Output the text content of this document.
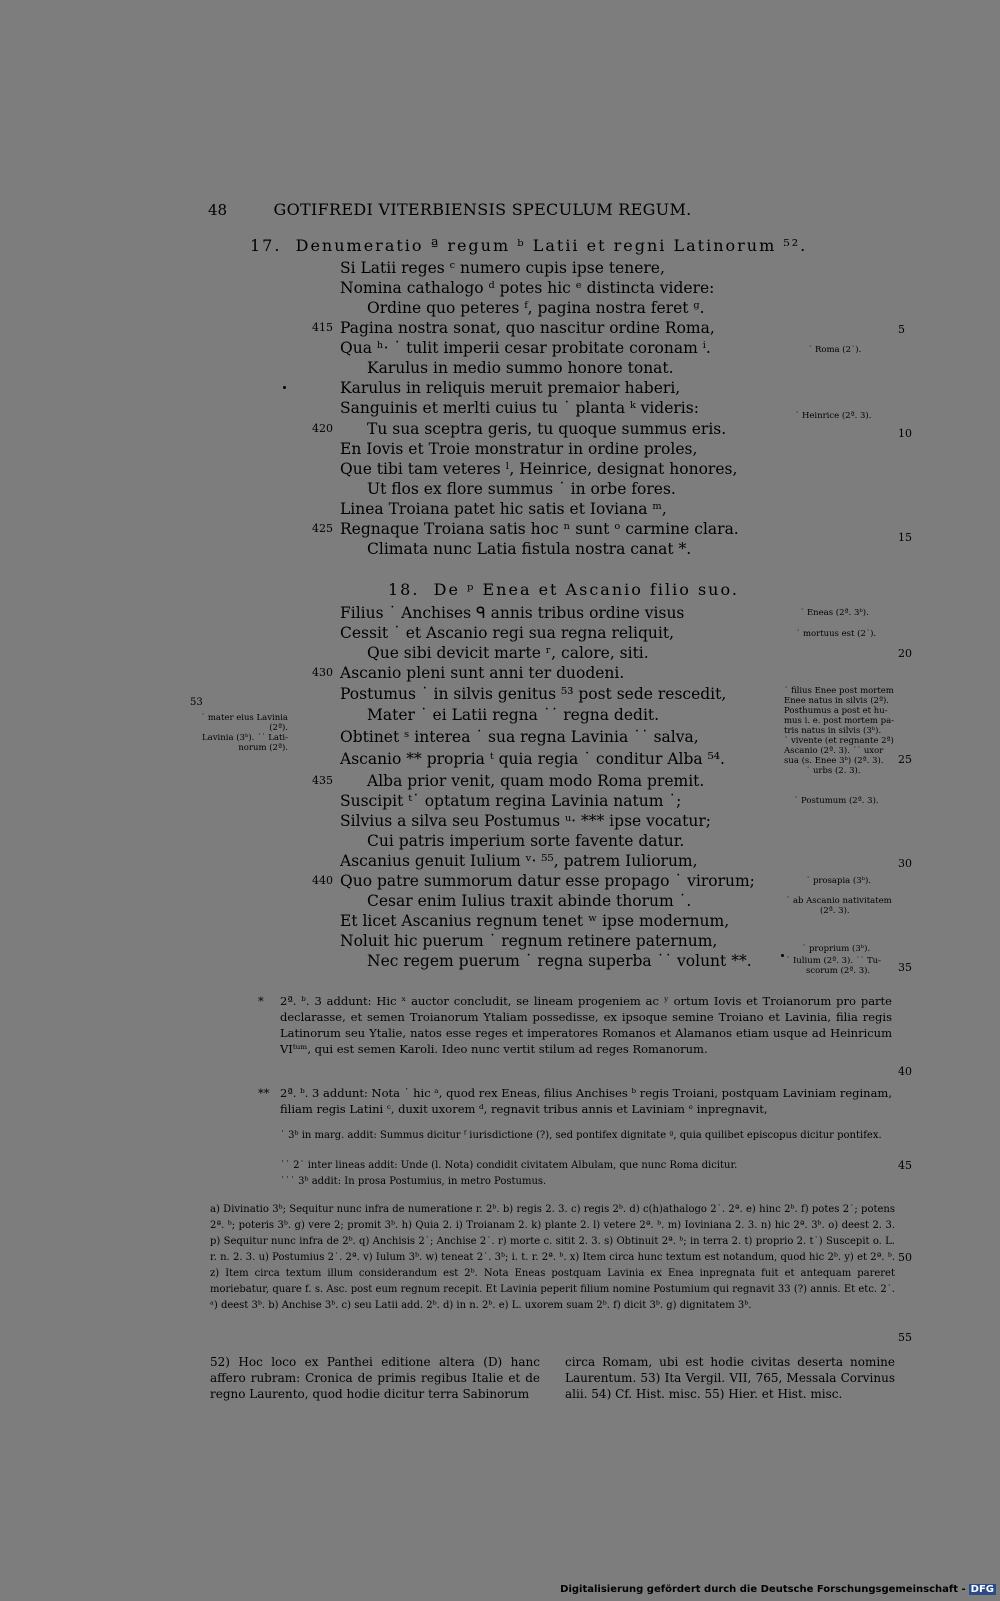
48	GOTIFREDI VITERBIENSIS SPECULUM REGUM.
17. Denumeratio ª regum ᵇ Latii et regni Latinorum ⁵².
Si Latii reges ᶜ numero cupis ipse tenere,
Nomina cathalogo ᵈ potes hic ᵉ distincta videre:
Ordine quo peteres ᶠ, pagina nostra feret ᵍ.
415 Pagina nostra sonat, quo nascitur ordine Roma,
Qua ʰ· ˙ tulit imperii cesar probitate coronam ⁱ.
Karulus in medio summo honore tonat.
Karulus in reliquis meruit premaior haberi,
Sanguinis et merlti cuius tu ˙ planta ᵏ videris:
420 Tu sua sceptra geris, tu quoque summus eris.
En Iovis et Troie monstratur in ordine proles,
Que tibi tam veteres ˡ, Heinrice, designat honores,
Ut flos ex flore summus ˙ in orbe fores.
Linea Troiana patet hic satis et Ioviana ᵐ,
425 Regnaque Troiana satis hoc ⁿ sunt ᵒ carmine clara.
Climata nunc Latia fistula nostra canat *.
18. De ᵖ Enea et Ascanio filio suo.
Filius ˙ Anchises ᑫ annis tribus ordine visus
Cessit ˙ et Ascanio regi sua regna reliquit,
Que sibi devicit marte ʳ, calore, siti.
430 Ascanio pleni sunt anni ter duodeni.
Postumus ˙ in silvis genitus ⁵³ post sede rescedit,
Mater ˙ ei Latii regna ˙˙ regna dedit.
Obtinet ˢ interea ˙ sua regna Lavinia ˙˙ salva,
Ascanio ** propria ᵗ quia regia ˙ conditur Alba ⁵⁴.
435 Alba prior venit, quam modo Roma premit.
Suscipit ᵗ˙ optatum regina Lavinia natum ˙;
Silvius a silva seu Postumus ᵘ· *** ipse vocatur;
Cui patris imperium sorte favente datur.
Ascanius genuit Iulium ᵛ· ⁵⁵, patrem Iuliorum,
440 Quo patre summorum datur esse propago ˙ virorum;
Cesar enim Iulius traxit abinde thorum ˙.
Et licet Ascanius regnum tenet ʷ ipse modernum,
Noluit hic puerum ˙ regnum retinere paternum,
Nec regem puerum ˙ regna superba ˙˙ volunt **.
˙ Roma (2˙).
˙ Heinrice (2ª. 3).
˙ Eneas (2ª. 3ᵇ).
˙ mortuus est (2˙).
˙ filius Enee post mortem
Enee natus in silvis (2ª).
Posthumus a post et hu-
mus i. e. post mortem pa-
tris natus in silvis (3ᵇ).
˙ vivente (et regnante 2ª)
Ascanio (2ª. 3). ˙˙ uxor
sua (s. Enee 3ᵇ) (2ª. 3).
˙ urbs (2. 3).
˙ Postumum (2ª. 3).
˙ prosapia (3ᵇ).
˙ ab Ascanio nativitatem
(2ª. 3).
˙ proprium (3ᵇ).
˙ Iulium (2ª. 3). ˙˙ Tu-
scorum (2ª. 3).
53
˙ mater eius Lavinia (2ª).
Lavinia (3ᵇ). ˙˙ Lati-
norum (2ª).
5
10
15
20
25
30
35
40
45
50
55
* 2ª. ᵇ. 3 addunt: Hic ˣ auctor concludit, se lineam progeniem ac ʸ ortum Iovis et Troianorum pro parte declarasse, et semen Troianorum Ytaliam possedisse, ex ipsoque semine Troiano et Lavinia, filia regis Latinorum seu Ytalie, natos esse reges et imperatores Romanos et Alamanos etiam usque ad Heinricum VIᵗᵘᵐ, qui est semen Karoli. Ideo nunc vertit stilum ad reges Romanorum.
** 2ª. ᵇ. 3 addunt: Nota ˙ hic ᵃ, quod rex Eneas, filius Anchises ᵇ regis Troiani, postquam Laviniam reginam, filiam regis Latini ᶜ, duxit uxorem ᵈ, regnavit tribus annis et Laviniam ᵉ inpregnavit,
˙ 3ᵇ in marg. addit: Summus dicitur ᶠ iurisdictione (?), sed pontifex dignitate ᵍ, quia quilibet episcopus dicitur pontifex.
˙˙ 2˙ inter lineas addit: Unde (l. Nota) condidit civitatem Albulam, que nunc Roma dicitur.
˙˙˙ 3ᵇ addit: In prosa Postumius, in metro Postumus.
a) Divinatio 3ᵇ; Sequitur nunc infra de numeratione r. 2ᵇ. b) regis 2. 3. c) regis 2ᵇ. d) c(h)athalogo 2˙. 2ª. e) hinc 2ᵇ. f) potes 2˙; potens 2ª. ᵇ; poteris 3ᵇ. g) vere 2; promit 3ᵇ. h) Quia 2. i) Troianam 2. k) plante 2. l) vetere 2ª. ᵇ. m) Ioviniana 2. 3. n) hic 2ª. 3ᵇ. o) deest 2. 3. p) Sequitur nunc infra de 2ᵇ. q) Anchisis 2˙; Anchise 2˙. r) morte c. sitit 2. 3. s) Obtinuit 2ª. ᵇ; in terra 2. t) proprio 2. t˙) Suscepit o. L. r. n. 2. 3. u) Postumius 2˙. 2ª. v) Iulum 3ᵇ. w) teneat 2˙. 3ᵇ; i. t. r. 2ª. ᵇ. x) Item circa hunc textum est notandum, quod hic 2ᵇ. y) et 2ª. ᵇ. z) Item circa textum illum considerandum est 2ᵇ. Nota Eneas postquam Lavinia ex Enea inpregnata fuit et antequam pareret moriebatur, quare f. s. Asc. post eum regnum recepit. Et Lavinia peperit filium nomine Postumium qui regnavit 33 (?) annis. Et etc. 2˙. ᵃ) deest 3ᵇ. b) Anchise 3ᵇ. c) seu Latii add. 2ᵇ. d) in n. 2ᵇ. e) L. uxorem suam 2ᵇ. f) dicit 3ᵇ. g) dignitatem 3ᵇ.
52) Hoc loco ex Panthei editione altera (D) hanc affero rubram: Cronica de primis regibus Italie et de regno Laurento, quod hodie dicitur terra Sabinorum
circa Romam, ubi est hodie civitas deserta nomine Laurentum. 53) Ita Vergil. VII, 765, Messala Corvinus alii. 54) Cf. Hist. misc. 55) Hier. et Hist. misc.
Digitalisierung gefördert durch die Deutsche Forschungsgemeinschaft - DFG
